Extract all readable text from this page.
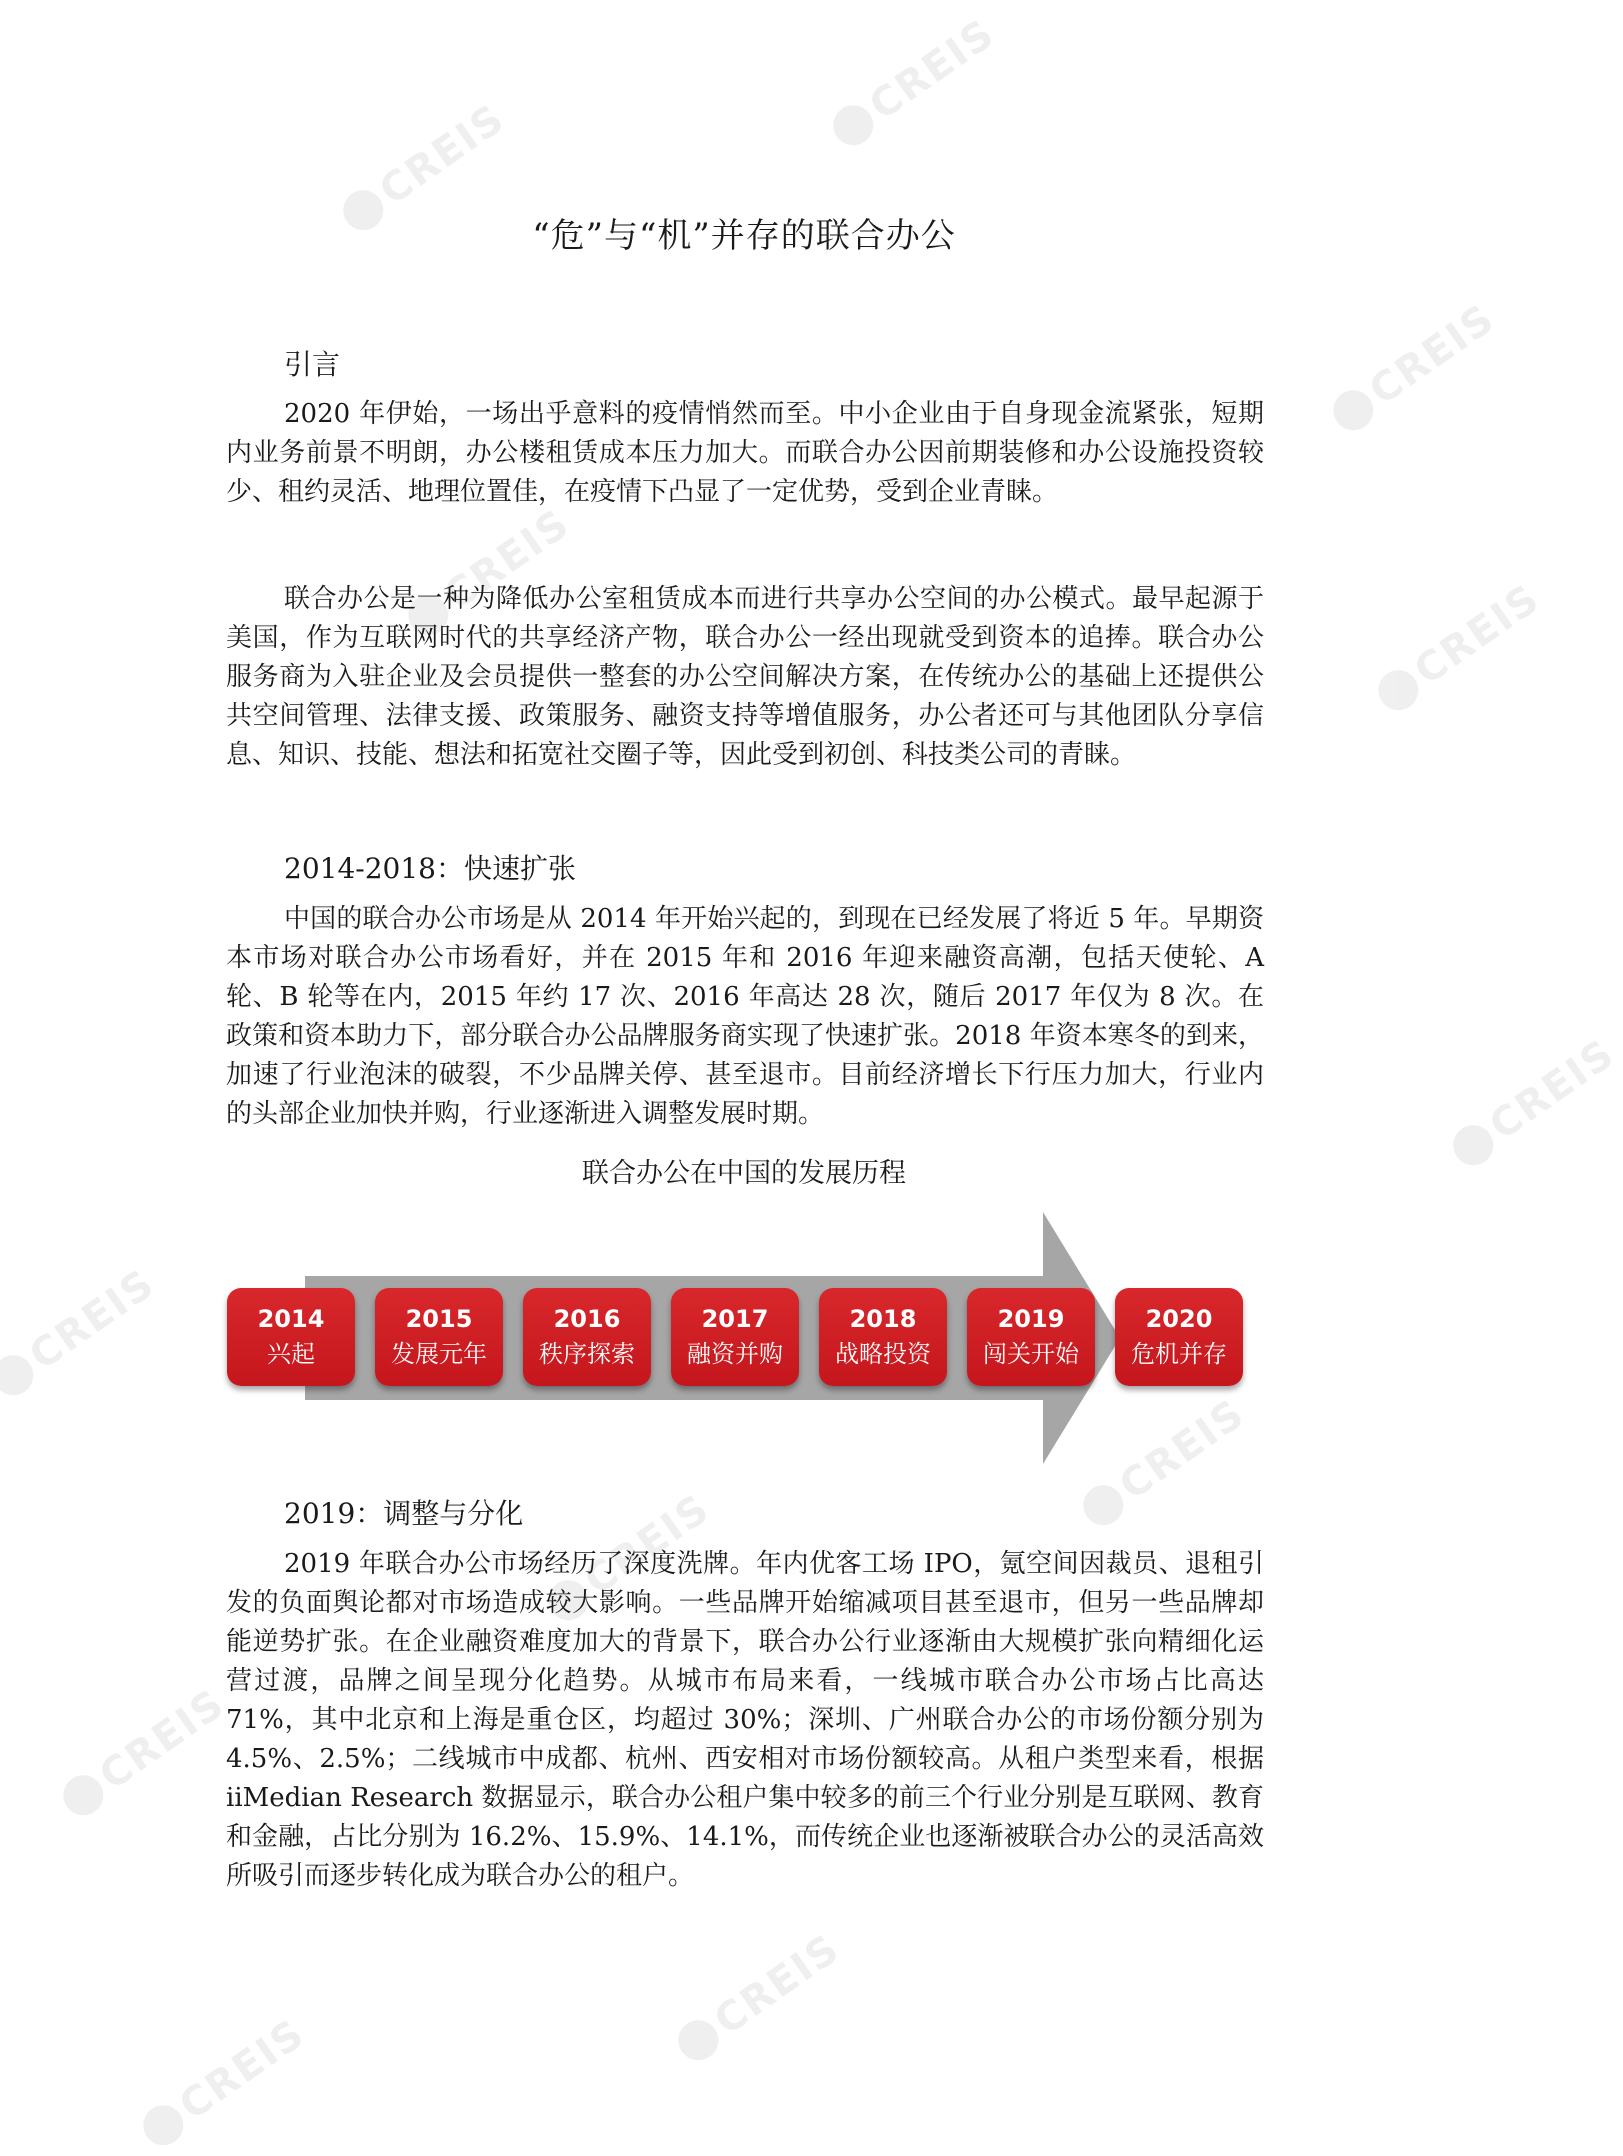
CREIS
CREIS
CREIS
CREIS
CREIS
CREIS
CREIS
CREIS
CREIS
CREIS
CREIS
CREIS
“危”与“机”并存的联合办公
引言

2020 年伊始，一场出乎意料的疫情悄然而至。中小企业由于自身现金流紧张，短期内业务前景不明朗，办公楼租赁成本压力加大。而联合办公因前期装修和办公设施投资较少、租约灵活、地理位置佳，在疫情下凸显了一定优势，受到企业青睐。

联合办公是一种为降低办公室租赁成本而进行共享办公空间的办公模式。最早起源于美国，作为互联网时代的共享经济产物，联合办公一经出现就受到资本的追捧。联合办公服务商为入驻企业及会员提供一整套的办公空间解决方案，在传统办公的基础上还提供公共空间管理、法律支援、政策服务、融资支持等增值服务，办公者还可与其他团队分享信息、知识、技能、想法和拓宽社交圈子等，因此受到初创、科技类公司的青睐。

2014-2018：快速扩张

中国的联合办公市场是从 2014 年开始兴起的，到现在已经发展了将近 5 年。早期资本市场对联合办公市场看好，并在 2015 年和 2016 年迎来融资高潮，包括天使轮、A 轮、B 轮等在内，2015 年约 17 次、2016 年高达 28 次，随后 2017 年仅为 8 次。在政策和资本助力下，部分联合办公品牌服务商实现了快速扩张。2018 年资本寒冬的到来，加速了行业泡沫的破裂，不少品牌关停、甚至退市。目前经济增长下行压力加大，行业内的头部企业加快并购，行业逐渐进入调整发展时期。

联合办公在中国的发展历程
2014
兴起
2015
发展元年
2016
秩序探索
2017
融资并购
2018
战略投资
2019
闯关开始
2020
危机并存
2019：调整与分化

2019 年联合办公市场经历了深度洗牌。年内优客工场 IPO，氪空间因裁员、退租引发的负面舆论都对市场造成较大影响。一些品牌开始缩减项目甚至退市，但另一些品牌却能逆势扩张。在企业融资难度加大的背景下，联合办公行业逐渐由大规模扩张向精细化运营过渡，品牌之间呈现分化趋势。从城市布局来看，一线城市联合办公市场占比高达 71%，其中北京和上海是重仓区，均超过 30%；深圳、广州联合办公的市场份额分别为 4.5%、2.5%；二线城市中成都、杭州、西安相对市场份额较高。从租户类型来看，根据 iiMedian Research 数据显示，联合办公租户集中较多的前三个行业分别是互联网、教育和金融，占比分别为 16.2%、15.9%、14.1%，而传统企业也逐渐被联合办公的灵活高效所吸引而逐步转化成为联合办公的租户。
